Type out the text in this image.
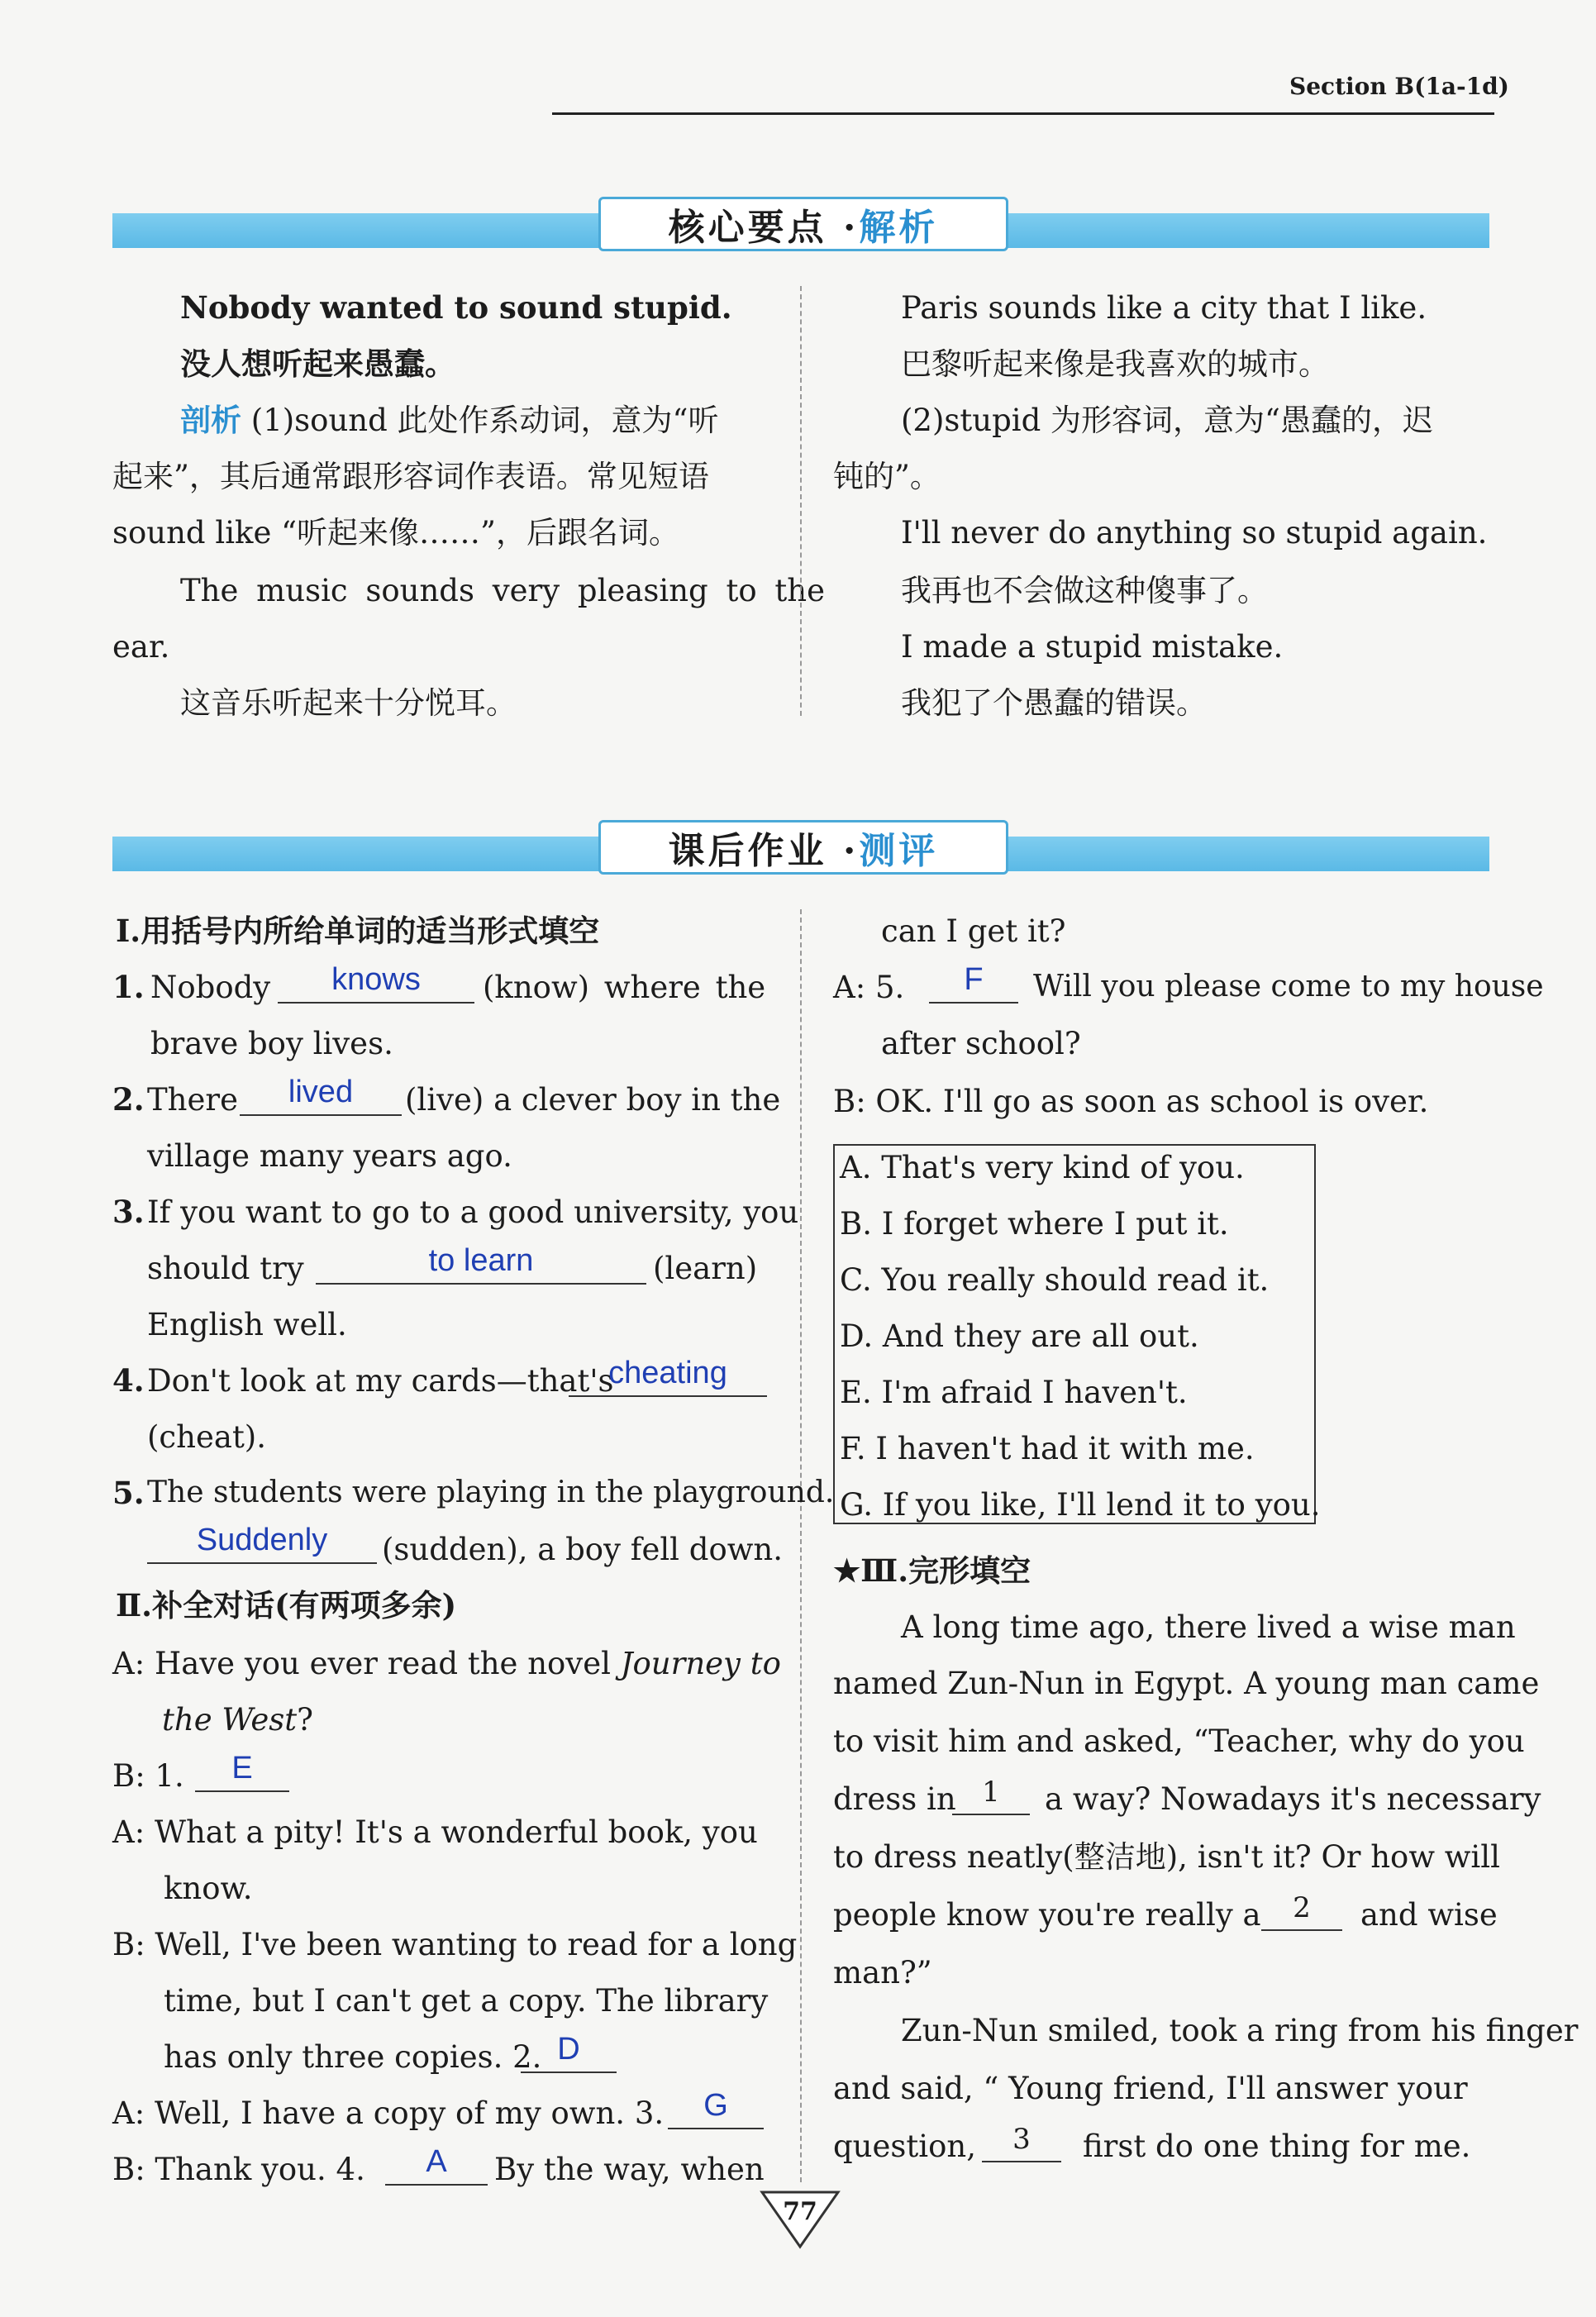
Section B(1a-1d)
核心要点 · 解析
Nobody wanted to sound stupid.
没人想听起来愚蠢。
剖析 (1)sound 此处作系动词，意为“听
起来”，其后通常跟形容词作表语。常见短语
sound like “听起来像……”，后跟名词。
The music sounds very pleasing to the
ear.
这音乐听起来十分悦耳。
Paris sounds like a city that I like.
巴黎听起来像是我喜欢的城市。
(2)stupid 为形容词，意为“愚蠢的，迟
钝的”。
I'll never do anything so stupid again.
我再也不会做这种傻事了。
I made a stupid mistake.
我犯了个愚蠢的错误。
课后作业 · 测评
Ⅰ.用括号内所给单词的适当形式填空
1. Nobody	knows	(know) where the
brave boy lives.
2. There	lived	(live) a clever boy in the
village many years ago.
3. If you want to go to a good university, you
should try	to learn	(learn)
English well.
4. Don't look at my cards—that's
cheating
(cheat).
5. The students were playing in the playground.
Suddenly	(sudden), a boy fell down.
Ⅱ.补全对话(有两项多余)
A: Have you ever read the novel Journey to
the West?
B: 1.	E
A: What a pity! It's a wonderful book, you
know.
B: Well, I've been wanting to read for a long
time, but I can't get a copy. The library
has only three copies. 2. D
A: Well, I have a copy of my own. 3.	G
B: Thank you. 4.	A	By the way, when
can I get it?
A: 5.	F	Will you please come to my house
after school?
B: OK. I'll go as soon as school is over.
A. That's very kind of you.
B. I forget where I put it.
C. You really should read it.
D. And they are all out.
E. I'm afraid I haven't.
F. I haven't had it with me.
G. If you like, I'll lend it to you.
★Ⅲ.完形填空
A long time ago, there lived a wise man
named Zun-Nun in Egypt. A young man came
to visit him and asked, “Teacher, why do you
dress in 1	a way? Nowadays it's necessary
to dress neatly(整洁地), isn't it? Or how will
people know you're really a	2	and wise
man?”
Zun-Nun smiled, took a ring from his finger
and said, “ Young friend, I'll answer your
question,	3	first do one thing for me.
77
